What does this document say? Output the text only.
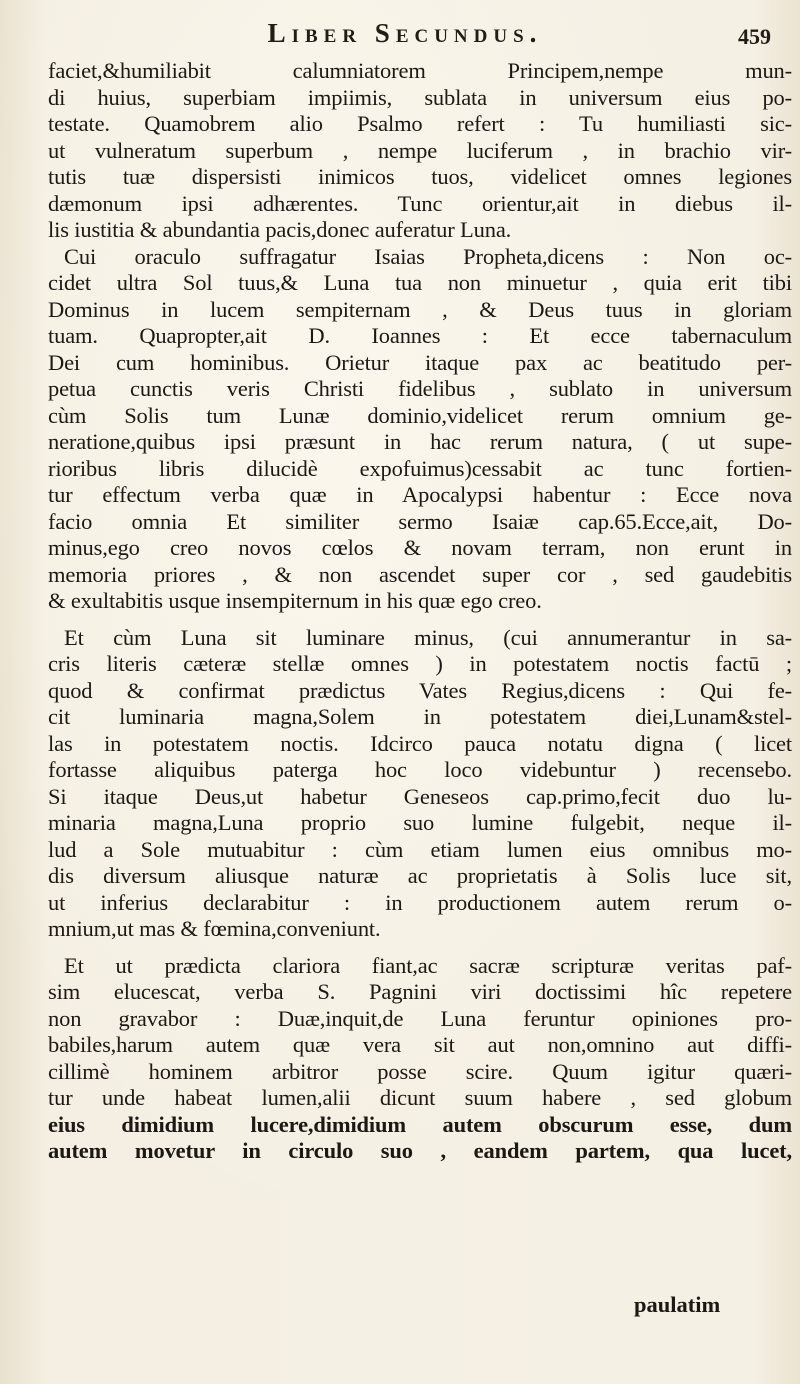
Liber Secundus.	459
faciet,&humiliabit calumniatorem Principem,nempe mun-
di huius, superbiam impiimis, sublata in universum eius po-
testate. Quamobrem alio Psalmo refert : Tu humiliasti sic-
ut vulneratum superbum , nempe luciferum , in brachio vir-
tutis tuæ dispersisti inimicos tuos, videlicet omnes legiones
dæmonum ipsi adhærentes. Tunc orientur,ait in diebus il-
lis iustitia & abundantia pacis,donec auferatur Luna.
Cui oraculo suffragatur Isaias Propheta,dicens : Non oc-
cidet ultra Sol tuus,& Luna tua non minuetur , quia erit tibi
Dominus in lucem sempiternam , & Deus tuus in gloriam
tuam. Quapropter,ait D. Ioannes : Et ecce tabernaculum
Dei cum hominibus. Orietur itaque pax ac beatitudo per-
petua cunctis veris Christi fidelibus , sublato in universum
cùm Solis tum Lunæ dominio,videlicet rerum omnium ge-
neratione,quibus ipsi præsunt in hac rerum natura, ( ut supe-
rioribus libris dilucidè expofuimus)cessabit ac tunc fortien-
tur effectum verba quæ in Apocalypsi habentur : Ecce nova
facio omnia Et similiter sermo Isaiæ cap.65.Ecce,ait, Do-
minus,ego creo novos cœlos & novam terram, non erunt in
memoria priores , & non ascendet super cor , sed gaudebitis
& exultabitis usque insempiternum in his quæ ego creo.
Et cùm Luna sit luminare minus, (cui annumerantur in sa-
cris literis cæteræ stellæ omnes ) in potestatem noctis factū ;
quod & confirmat prædictus Vates Regius,dicens : Qui fe-
cit luminaria magna,Solem in potestatem diei,Lunam&stel-
las in potestatem noctis. Idcirco pauca notatu digna ( licet
fortasse aliquibus paterga hoc loco videbuntur ) recensebo.
Si itaque Deus,ut habetur Geneseos cap.primo,fecit duo lu-
minaria magna,Luna proprio suo lumine fulgebit, neque il-
lud a Sole mutuabitur : cùm etiam lumen eius omnibus mo-
dis diversum aliusque naturæ ac proprietatis à Solis luce sit,
ut inferius declarabitur : in productionem autem rerum o-
mnium,ut mas & fœmina,conveniunt.
Et ut prædicta clariora fiant,ac sacræ scripturæ veritas paf-
sim elucescat, verba S. Pagnini viri doctissimi hîc repetere
non gravabor : Duæ,inquit,de Luna feruntur opiniones pro-
babiles,harum autem quæ vera sit aut non,omnino aut diffi-
cillimè hominem arbitror posse scire. Quum igitur quæri-
tur unde habeat lumen,alii dicunt suum habere , sed globum
eius dimidium lucere,dimidium autem obscurum esse, dum
autem movetur in circulo suo , eandem partem, qua lucet,
paulatim
